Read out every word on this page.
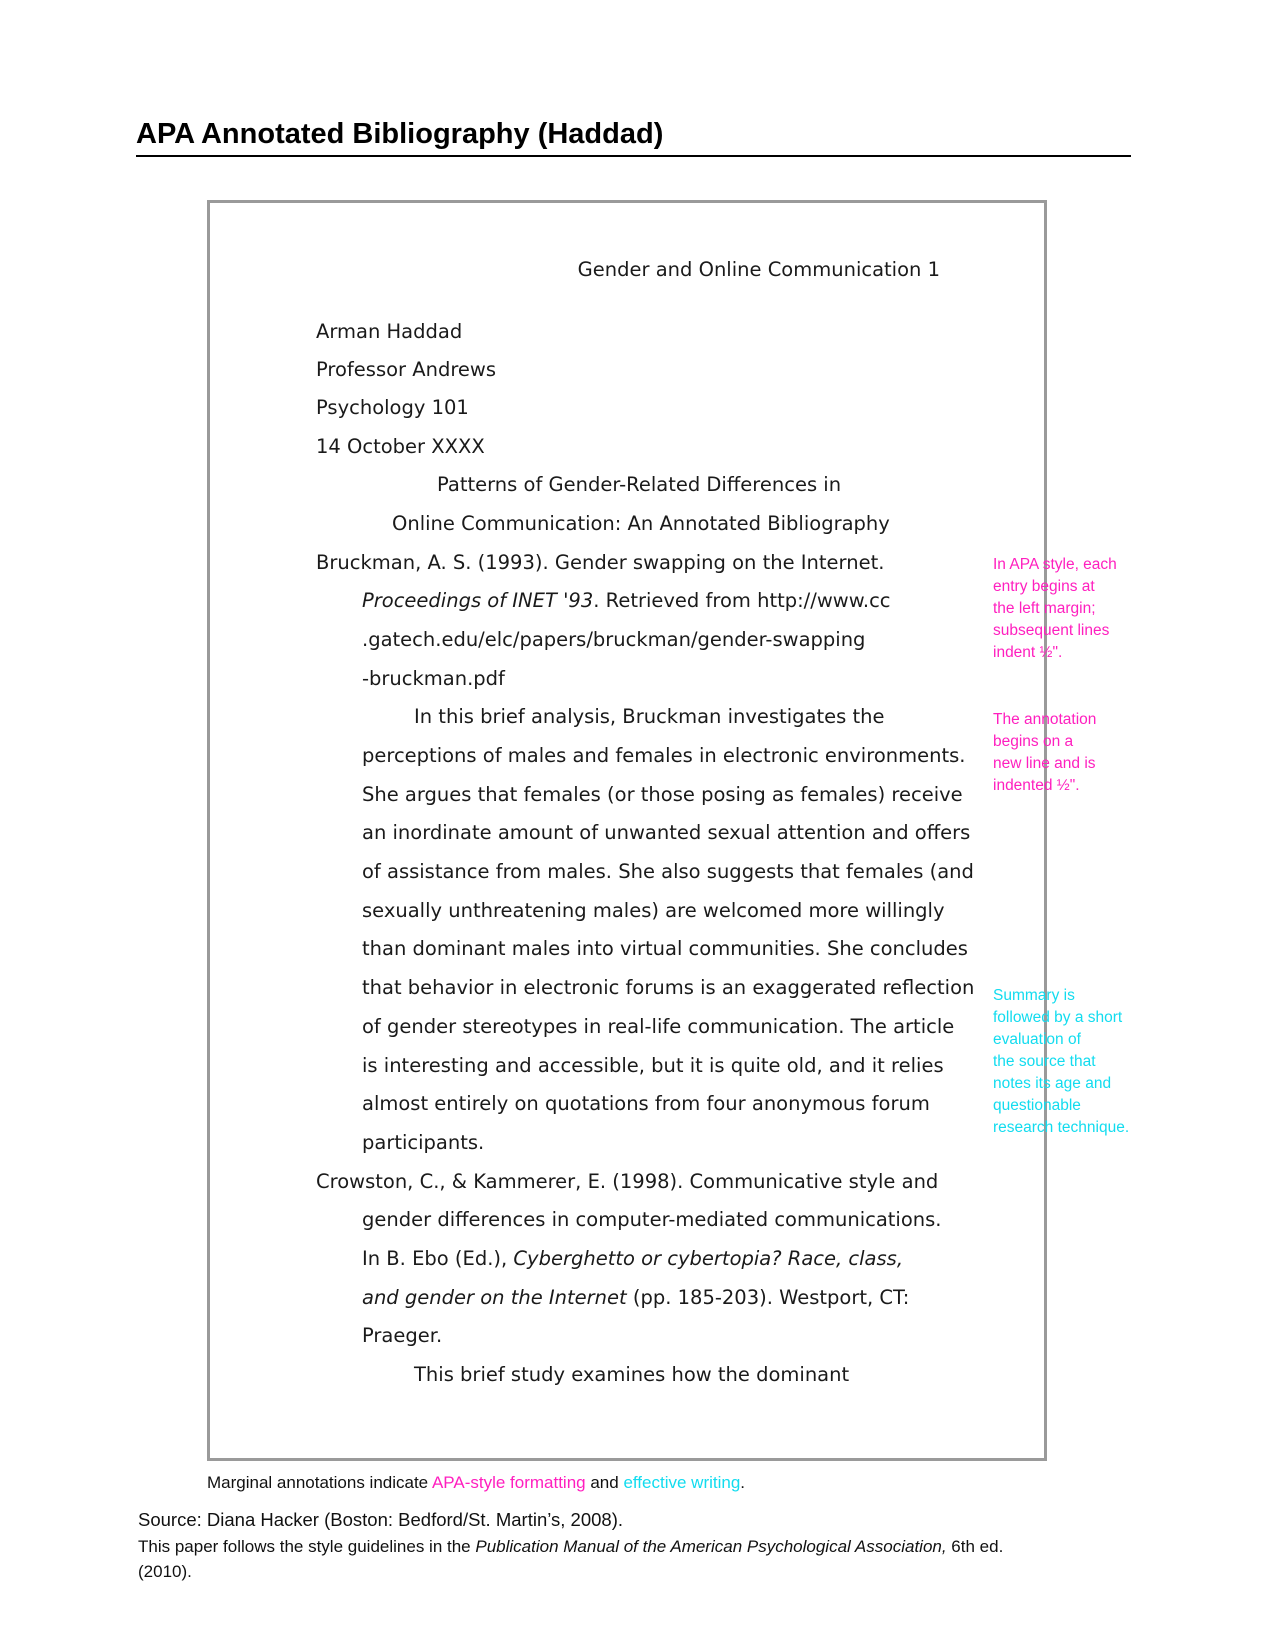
APA Annotated Bibliography (Haddad)
Gender and Online Communication 1
Arman Haddad
Professor Andrews
Psychology 101
14 October XXXX
Patterns of Gender-Related Differences in
Online Communication: An Annotated Bibliography
Bruckman, A. S. (1993). Gender swapping on the Internet.
Proceedings of INET '93. Retrieved from http://www.cc
.gatech.edu/elc/papers/bruckman/gender-swapping
-bruckman.pdf
In this brief analysis, Bruckman investigates the
perceptions of males and females in electronic environments.
She argues that females (or those posing as females) receive
an inordinate amount of unwanted sexual attention and offers
of assistance from males. She also suggests that females (and
sexually unthreatening males) are welcomed more willingly
than dominant males into virtual communities. She concludes
that behavior in electronic forums is an exaggerated reflection
of gender stereotypes in real-life communication. The article
is interesting and accessible, but it is quite old, and it relies
almost entirely on quotations from four anonymous forum
participants.
Crowston, C., & Kammerer, E. (1998). Communicative style and
gender differences in computer-mediated communications.
In B. Ebo (Ed.), Cyberghetto or cybertopia? Race, class,
and gender on the Internet (pp. 185-203). Westport, CT:
Praeger.
This brief study examines how the dominant
In APA style, each
entry begins at
the left margin;
subsequent lines
indent ½".
The annotation
begins on a
new line and is
indented ½".
Summary is
followed by a short
evaluation of
the source that
notes its age and
questionable
research technique.
Marginal annotations indicate APA-style formatting and effective writing.
Source: Diana Hacker (Boston: Bedford/St. Martin’s, 2008).
This paper follows the style guidelines in the Publication Manual of the American Psychological Association, 6th ed.
(2010).
